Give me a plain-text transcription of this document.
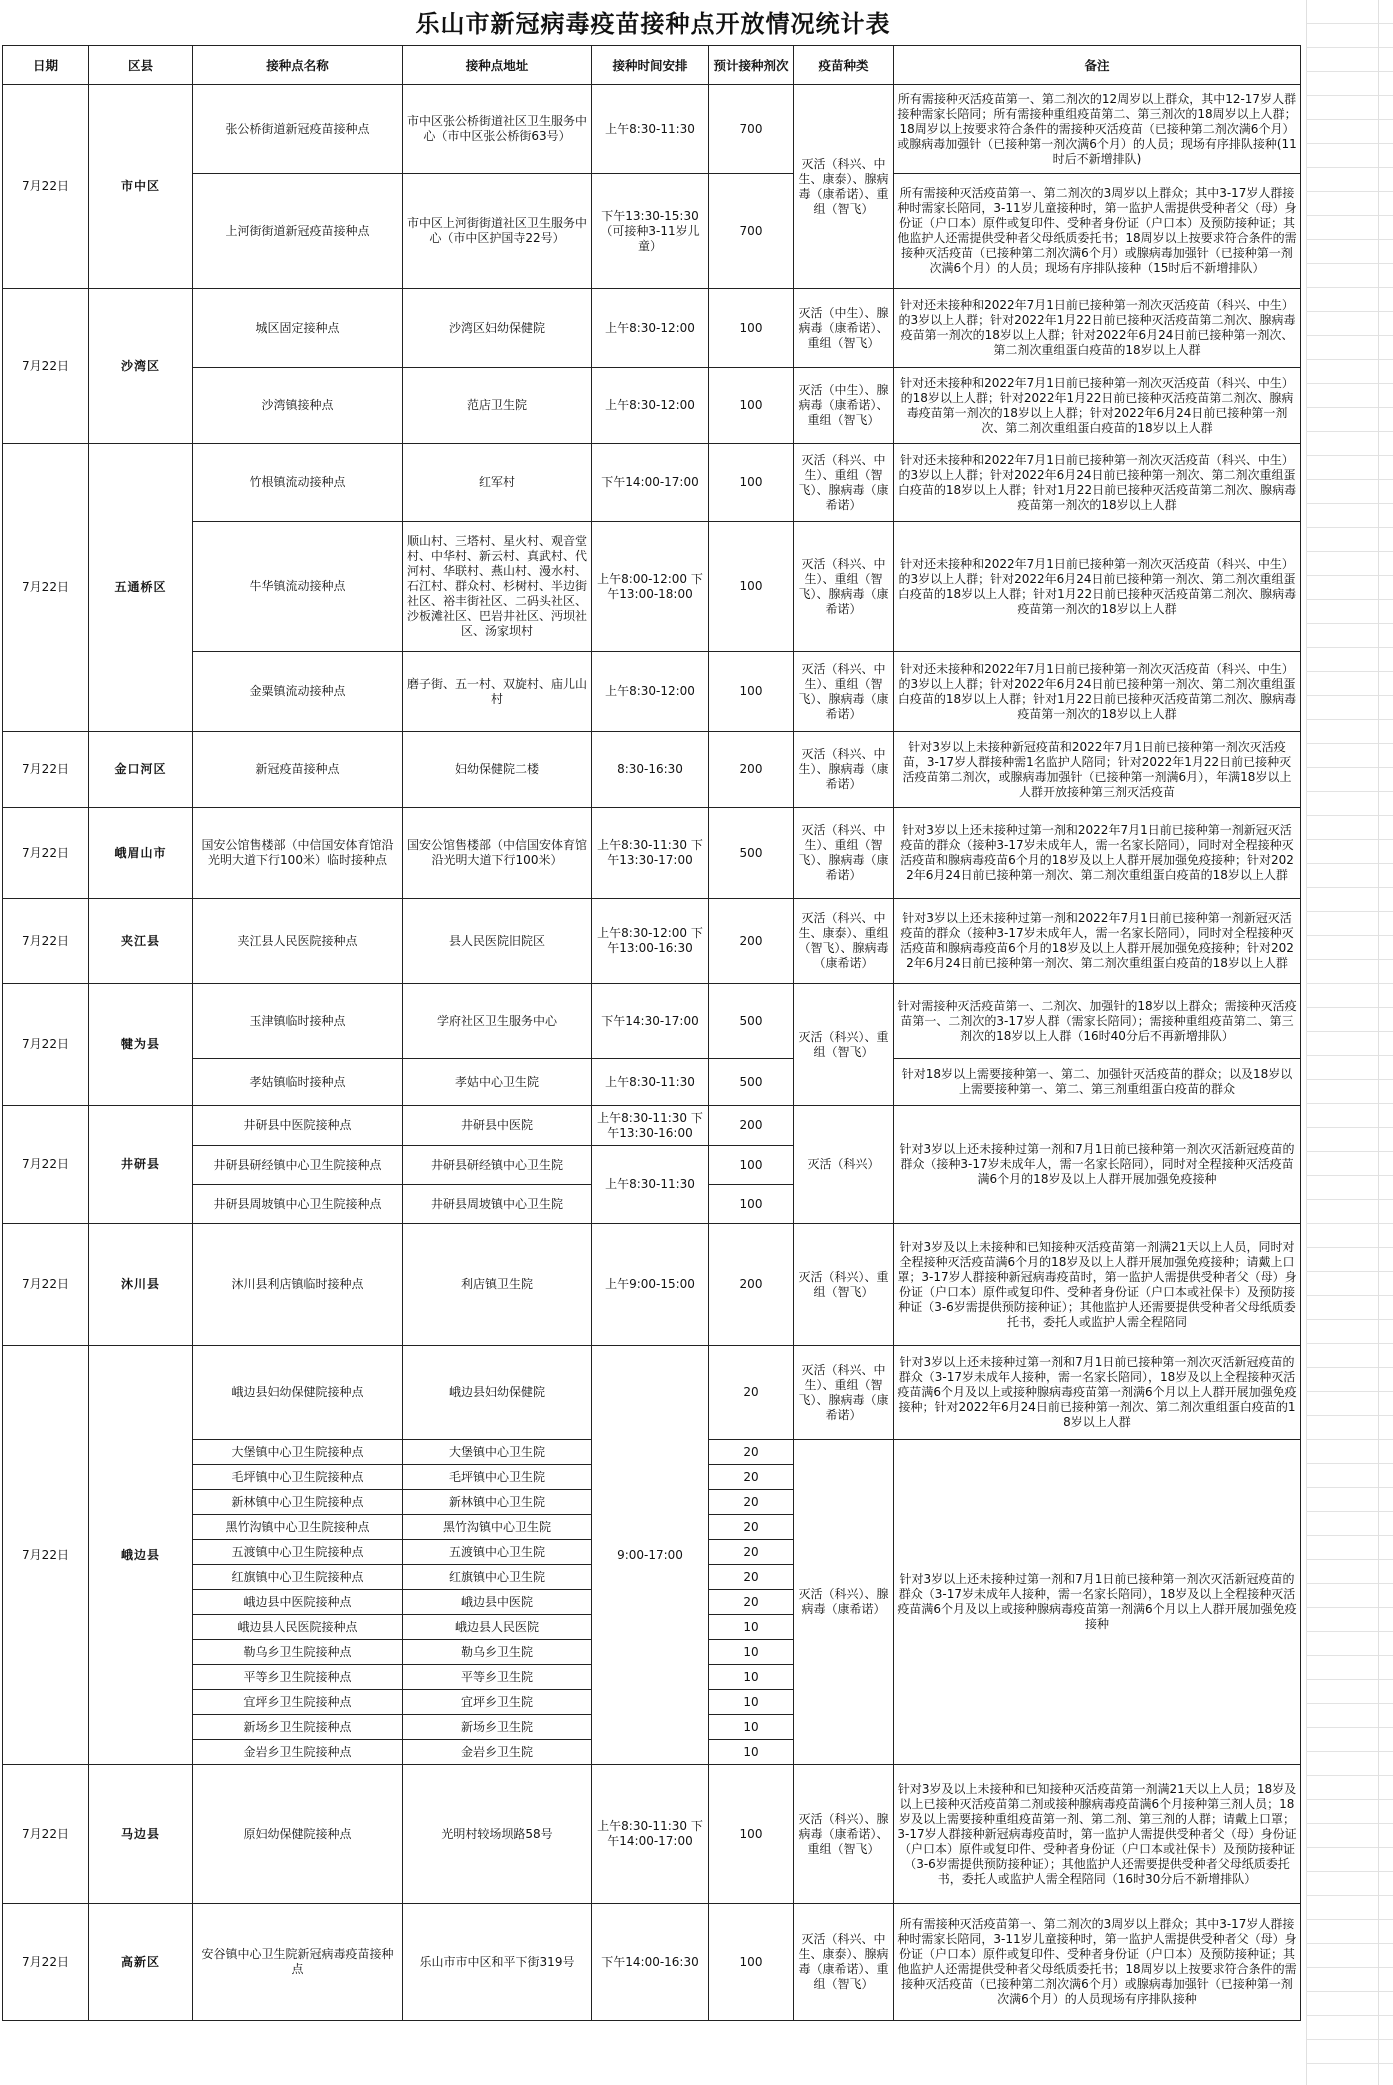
乐山市新冠病毒疫苗接种点开放情况统计表
日期	区县	接种点名称	接种点地址	接种时间安排	预计接种剂次	疫苗种类	备注
7月22日	市中区	张公桥街道新冠疫苗接种点	市中区张公桥街道社区卫生服务中心（市中区张公桥街63号）	上午8:30-11:30	700	灭活（科兴、中生、康泰）、腺病毒（康希诺）、重组（智飞）	所有需接种灭活疫苗第一、第二剂次的12周岁以上群众，其中12-17岁人群接种需家长陪同；所有需接种重组疫苗第二、第三剂次的18周岁以上人群；18周岁以上按要求符合条件的需接种灭活疫苗（已接种第二剂次满6个月）或腺病毒加强针（已接种第一剂次满6个月）的人员；现场有序排队接种(11时后不新增排队)
		上河街街道新冠疫苗接种点	市中区上河街街道社区卫生服务中心（市中区护国寺22号）	下午13:30-15:30（可接种3-11岁儿童）	700		所有需接种灭活疫苗第一、第二剂次的3周岁以上群众；其中3-17岁人群接种时需家长陪同，3-11岁儿童接种时，第一监护人需提供受种者父（母）身份证（户口本）原件或复印件、受种者身份证（户口本）及预防接种证；其他监护人还需提供受种者父母纸质委托书；18周岁以上按要求符合条件的需接种灭活疫苗（已接种第二剂次满6个月）或腺病毒加强针（已接种第一剂次满6个月）的人员；现场有序排队接种（15时后不新增排队）
7月22日	沙湾区	城区固定接种点	沙湾区妇幼保健院	上午8:30-12:00	100	灭活（中生）、腺病毒（康希诺）、重组（智飞）	针对还未接种和2022年7月1日前已接种第一剂次灭活疫苗（科兴、中生）的3岁以上人群；针对2022年1月22日前已接种灭活疫苗第二剂次、腺病毒疫苗第一剂次的18岁以上人群；针对2022年6月24日前已接种第一剂次、第二剂次重组蛋白疫苗的18岁以上人群
		沙湾镇接种点	范店卫生院	上午8:30-12:00	100	灭活（中生）、腺病毒（康希诺）、重组（智飞）	针对还未接种和2022年7月1日前已接种第一剂次灭活疫苗（科兴、中生）的18岁以上人群；针对2022年1月22日前已接种灭活疫苗第二剂次、腺病毒疫苗第一剂次的18岁以上人群；针对2022年6月24日前已接种第一剂次、第二剂次重组蛋白疫苗的18岁以上人群
7月22日	五通桥区	竹根镇流动接种点	红军村	下午14:00-17:00	100	灭活（科兴、中生）、重组（智飞）、腺病毒（康希诺）	针对还未接种和2022年7月1日前已接种第一剂次灭活疫苗（科兴、中生）的3岁以上人群；针对2022年6月24日前已接种第一剂次、第二剂次重组蛋白疫苗的18岁以上人群；针对1月22日前已接种灭活疫苗第二剂次、腺病毒疫苗第一剂次的18岁以上人群
		牛华镇流动接种点	顺山村、三塔村、星火村、观音堂村、中华村、新云村、真武村、代河村、华联村、燕山村、漫水村、石江村、群众村、杉树村、半边街社区、裕丰街社区、二码头社区、沙板滩社区、巴岩井社区、沔坝社区、汤家坝村	上午8:00-12:00 下午13:00-18:00	100	灭活（科兴、中生）、重组（智飞）、腺病毒（康希诺）	针对还未接种和2022年7月1日前已接种第一剂次灭活疫苗（科兴、中生）的3岁以上人群；针对2022年6月24日前已接种第一剂次、第二剂次重组蛋白疫苗的18岁以上人群；针对1月22日前已接种灭活疫苗第二剂次、腺病毒疫苗第一剂次的18岁以上人群
		金粟镇流动接种点	磨子街、五一村、双旋村、庙儿山村	上午8:30-12:00	100	灭活（科兴、中生）、重组（智飞）、腺病毒（康希诺）	针对还未接种和2022年7月1日前已接种第一剂次灭活疫苗（科兴、中生）的3岁以上人群；针对2022年6月24日前已接种第一剂次、第二剂次重组蛋白疫苗的18岁以上人群；针对1月22日前已接种灭活疫苗第二剂次、腺病毒疫苗第一剂次的18岁以上人群
7月22日	金口河区	新冠疫苗接种点	妇幼保健院二楼	8:30-16:30	200	灭活（科兴、中生）、腺病毒（康希诺）	针对3岁以上未接种新冠疫苗和2022年7月1日前已接种第一剂次灭活疫苗，3-17岁人群接种需1名监护人陪同；针对2022年1月22日前已接种灭活疫苗第二剂次，或腺病毒加强针（已接种第一剂满6月），年满18岁以上人群开放接种第三剂灭活疫苗
7月22日	峨眉山市	国安公馆售楼部（中信国安体育馆沿光明大道下行100米）临时接种点	国安公馆售楼部（中信国安体育馆沿光明大道下行100米）	上午8:30-11:30 下午13:30-17:00	500	灭活（科兴、中生）、重组（智飞）、腺病毒（康希诺）	针对3岁以上还未接种过第一剂和2022年7月1日前已接种第一剂新冠灭活疫苗的群众（接种3-17岁未成年人，需一名家长陪同），同时对全程接种灭活疫苗和腺病毒疫苗6个月的18岁及以上人群开展加强免疫接种；针对2022年6月24日前已接种第一剂次、第二剂次重组蛋白疫苗的18岁以上人群
7月22日	夹江县	夹江县人民医院接种点	县人民医院旧院区	上午8:30-12:00 下午13:00-16:30	200	灭活（科兴、中生、康泰）、重组（智飞）、腺病毒（康希诺）	针对3岁以上还未接种过第一剂和2022年7月1日前已接种第一剂新冠灭活疫苗的群众（接种3-17岁未成年人，需一名家长陪同），同时对全程接种灭活疫苗和腺病毒疫苗6个月的18岁及以上人群开展加强免疫接种；针对2022年6月24日前已接种第一剂次、第二剂次重组蛋白疫苗的18岁以上人群
7月22日	犍为县	玉津镇临时接种点	学府社区卫生服务中心	下午14:30-17:00	500	灭活（科兴）、重组（智飞）	针对需接种灭活疫苗第一、二剂次、加强针的18岁以上群众；需接种灭活疫苗第一、二剂次的3-17岁人群（需家长陪同）；需接种重组疫苗第二、第三剂次的18岁以上人群（16时40分后不再新增排队）
		孝姑镇临时接种点	孝姑中心卫生院	上午8:30-11:30	500		针对18岁以上需要接种第一、第二、加强针灭活疫苗的群众；以及18岁以上需要接种第一、第二、第三剂重组蛋白疫苗的群众
7月22日	井研县	井研县中医院接种点	井研县中医院	上午8:30-11:30 下午13:30-16:00	200	灭活（科兴）	针对3岁以上还未接种过第一剂和7月1日前已接种第一剂次灭活新冠疫苗的群众（接种3-17岁未成年人，需一名家长陪同），同时对全程接种灭活疫苗满6个月的18岁及以上人群开展加强免疫接种
		井研县研经镇中心卫生院接种点	井研县研经镇中心卫生院	上午8:30-11:30	100		
		井研县周坡镇中心卫生院接种点	井研县周坡镇中心卫生院		100		
7月22日	沐川县	沐川县利店镇临时接种点	利店镇卫生院	上午9:00-15:00	200	灭活（科兴）、重组（智飞）	针对3岁及以上未接种和已知接种灭活疫苗第一剂满21天以上人员，同时对全程接种灭活疫苗满6个月的18岁及以上人群开展加强免疫接种；请戴上口罩；3-17岁人群接种新冠病毒疫苗时，第一监护人需提供受种者父（母）身份证（户口本）原件或复印件、受种者身份证（户口本或社保卡）及预防接种证（3-6岁需提供预防接种证）；其他监护人还需要提供受种者父母纸质委托书，委托人或监护人需全程陪同
7月22日	峨边县	峨边县妇幼保健院接种点	峨边县妇幼保健院	9:00-17:00	20	灭活（科兴、中生）、重组（智飞）、腺病毒（康希诺）	针对3岁以上还未接种过第一剂和7月1日前已接种第一剂次灭活新冠疫苗的群众（3-17岁未成年人接种，需一名家长陪同），18岁及以上全程接种灭活疫苗满6个月及以上或接种腺病毒疫苗第一剂满6个月以上人群开展加强免疫接种；针对2022年6月24日前已接种第一剂次、第二剂次重组蛋白疫苗的18岁以上人群
		大堡镇中心卫生院接种点	大堡镇中心卫生院		20	灭活（科兴）、腺病毒（康希诺）	针对3岁以上还未接种过第一剂和7月1日前已接种第一剂次灭活新冠疫苗的群众（3-17岁未成年人接种，需一名家长陪同），18岁及以上全程接种灭活疫苗满6个月及以上或接种腺病毒疫苗第一剂满6个月以上人群开展加强免疫接种
		毛坪镇中心卫生院接种点	毛坪镇中心卫生院		20		
		新林镇中心卫生院接种点	新林镇中心卫生院		20		
		黑竹沟镇中心卫生院接种点	黑竹沟镇中心卫生院		20		
		五渡镇中心卫生院接种点	五渡镇中心卫生院		20		
		红旗镇中心卫生院接种点	红旗镇中心卫生院		20		
		峨边县中医院接种点	峨边县中医院		20		
		峨边县人民医院接种点	峨边县人民医院		10		
		勒乌乡卫生院接种点	勒乌乡卫生院		10		
		平等乡卫生院接种点	平等乡卫生院		10		
		宜坪乡卫生院接种点	宜坪乡卫生院		10		
		新场乡卫生院接种点	新场乡卫生院		10		
		金岩乡卫生院接种点	金岩乡卫生院		10		
7月22日	马边县	原妇幼保健院接种点	光明村较场坝路58号	上午8:30-11:30 下午14:00-17:00	100	灭活（科兴）、腺病毒（康希诺）、重组（智飞）	针对3岁及以上未接种和已知接种灭活疫苗第一剂满21天以上人员；18岁及以上已接种灭活疫苗第二剂或接种腺病毒疫苗满6个月接种第三剂人员；18岁及以上需要接种重组疫苗第一剂、第二剂、第三剂的人群；请戴上口罩；3-17岁人群接种新冠病毒疫苗时，第一监护人需提供受种者父（母）身份证（户口本）原件或复印件、受种者身份证（户口本或社保卡）及预防接种证（3-6岁需提供预防接种证）；其他监护人还需要提供受种者父母纸质委托书，委托人或监护人需全程陪同（16时30分后不新增排队）
7月22日	高新区	安谷镇中心卫生院新冠病毒疫苗接种点	乐山市市中区和平下街319号	下午14:00-16:30	100	灭活（科兴、中生、康泰）、腺病毒（康希诺）、重组（智飞）	所有需接种灭活疫苗第一、第二剂次的3周岁以上群众；其中3-17岁人群接种时需家长陪同，3-11岁儿童接种时，第一监护人需提供受种者父（母）身份证（户口本）原件或复印件、受种者身份证（户口本）及预防接种证；其他监护人还需提供受种者父母纸质委托书；18周岁以上按要求符合条件的需接种灭活疫苗（已接种第二剂次满6个月）或腺病毒加强针（已接种第一剂次满6个月）的人员现场有序排队接种
